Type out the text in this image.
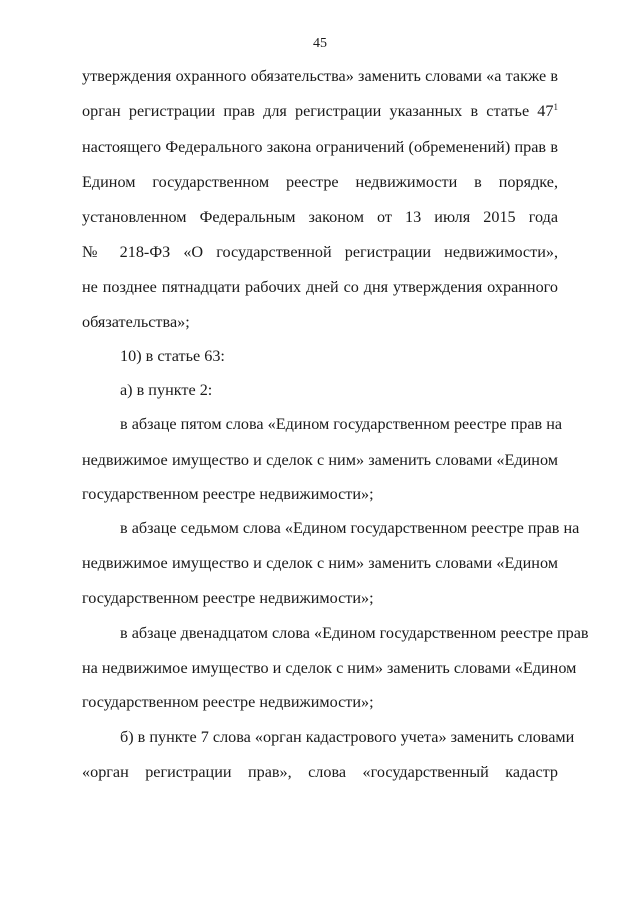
45
утверждения охранного обязательства» заменить словами «а также в
орган регистрации прав для регистрации указанных в статье $47^1$
настоящего Федерального закона ограничений (обременений) прав в
Едином государственном реестре недвижимости в порядке,
установленном Федеральным законом от 13 июля 2015 года
№ 218-ФЗ «О государственной регистрации недвижимости»,
не позднее пятнадцати рабочих дней со дня утверждения охранного
обязательства»;
10) в статье 63:
а) в пункте 2:
в абзаце пятом слова «Едином государственном реестре прав на
недвижимое имущество и сделок с ним» заменить словами «Едином
государственном реестре недвижимости»;
в абзаце седьмом слова «Едином государственном реестре прав на
недвижимое имущество и сделок с ним» заменить словами «Едином
государственном реестре недвижимости»;
в абзаце двенадцатом слова «Едином государственном реестре прав
на недвижимое имущество и сделок с ним» заменить словами «Едином
государственном реестре недвижимости»;
б) в пункте 7 слова «орган кадастрового учета» заменить словами
«орган регистрации прав», слова «государственный кадастр
